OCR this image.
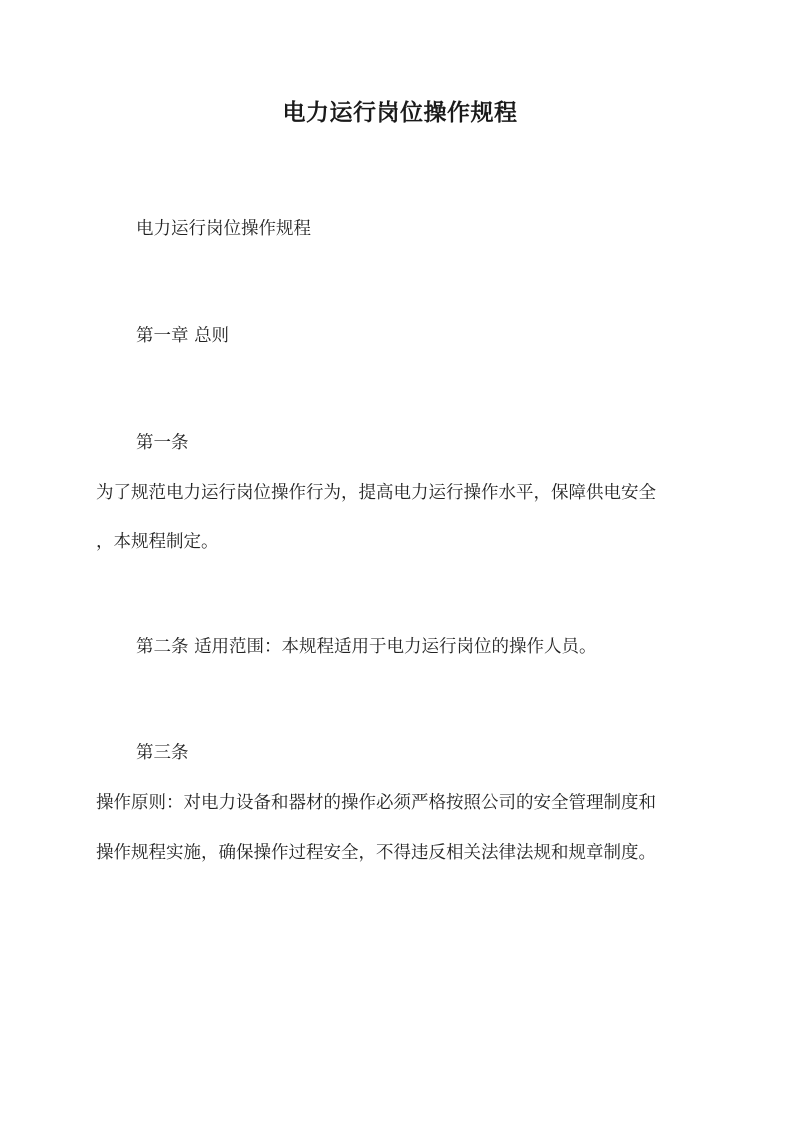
电力运行岗位操作规程
电力运行岗位操作规程
第一章 总则
第一条
为了规范电力运行岗位操作行为，提高电力运行操作水平，保障供电安全
，本规程制定。
第二条 适用范围：本规程适用于电力运行岗位的操作人员。
第三条
操作原则：对电力设备和器材的操作必须严格按照公司的安全管理制度和
操作规程实施，确保操作过程安全，不得违反相关法律法规和规章制度。
